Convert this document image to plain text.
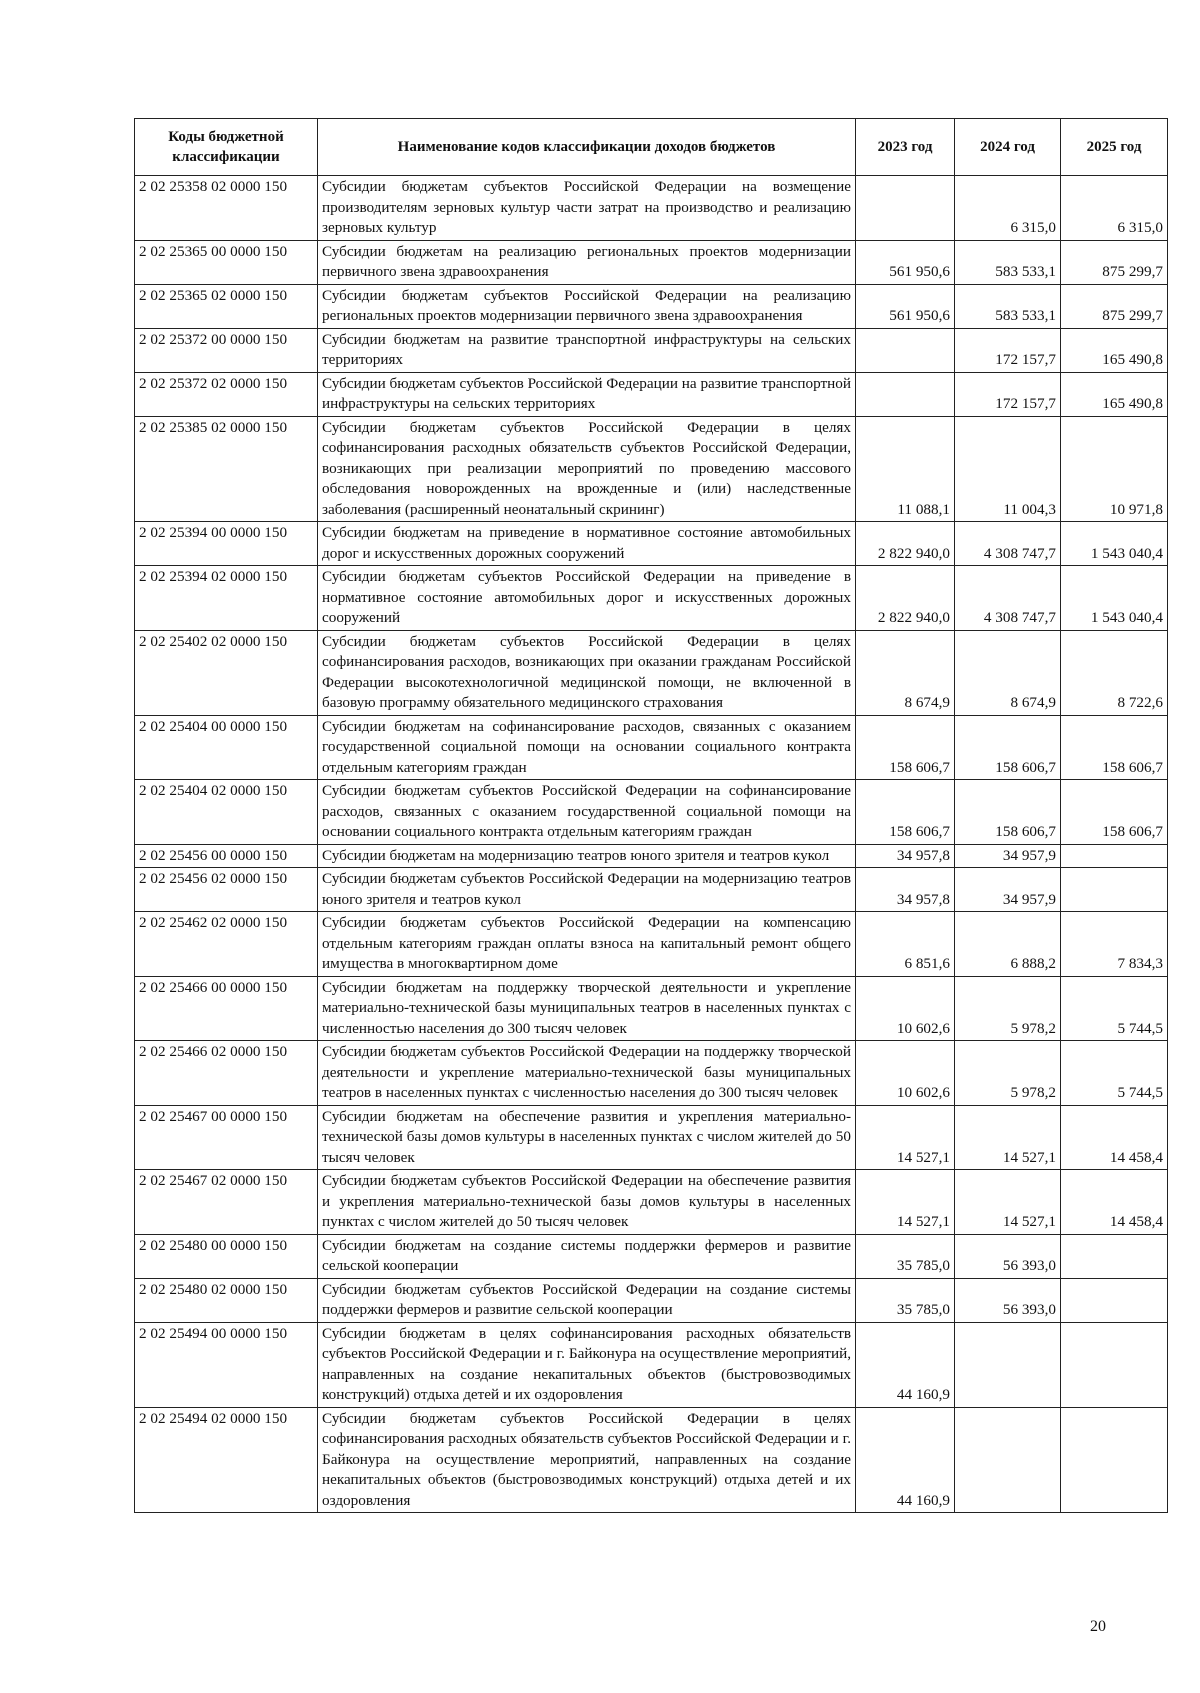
Коды бюджетной классификации	Наименование кодов классификации доходов бюджетов	2023 год	2024 год	2025 год
2 02 25358 02 0000 150	Субсидии бюджетам субъектов Российской Федерации на возмещение производителям зерновых культур части затрат на производство и реализацию зерновых культур		6 315,0	6 315,0
2 02 25365 00 0000 150	Субсидии бюджетам на реализацию региональных проектов модернизации первичного звена здравоохранения	561 950,6	583 533,1	875 299,7
2 02 25365 02 0000 150	Субсидии бюджетам субъектов Российской Федерации на реализацию региональных проектов модернизации первичного звена здравоохранения	561 950,6	583 533,1	875 299,7
2 02 25372 00 0000 150	Субсидии бюджетам на развитие транспортной инфраструктуры на сельских территориях		172 157,7	165 490,8
2 02 25372 02 0000 150	Субсидии бюджетам субъектов Российской Федерации на развитие транспортной инфраструктуры на сельских территориях		172 157,7	165 490,8
2 02 25385 02 0000 150	Субсидии бюджетам субъектов Российской Федерации в целях софинансирования расходных обязательств субъектов Российской Федерации, возникающих при реализации мероприятий по проведению массового обследования новорожденных на врожденные и (или) наследственные заболевания (расширенный неонатальный скрининг)	11 088,1	11 004,3	10 971,8
2 02 25394 00 0000 150	Субсидии бюджетам на приведение в нормативное состояние автомобильных дорог и искусственных дорожных сооружений	2 822 940,0	4 308 747,7	1 543 040,4
2 02 25394 02 0000 150	Субсидии бюджетам субъектов Российской Федерации на приведение в нормативное состояние автомобильных дорог и искусственных дорожных сооружений	2 822 940,0	4 308 747,7	1 543 040,4
2 02 25402 02 0000 150	Субсидии бюджетам субъектов Российской Федерации в целях софинансирования расходов, возникающих при оказании гражданам Российской Федерации высокотехнологичной медицинской помощи, не включенной в базовую программу обязательного медицинского страхования	8 674,9	8 674,9	8 722,6
2 02 25404 00 0000 150	Субсидии бюджетам на софинансирование расходов, связанных с оказанием государственной социальной помощи на основании социального контракта отдельным категориям граждан	158 606,7	158 606,7	158 606,7
2 02 25404 02 0000 150	Субсидии бюджетам субъектов Российской Федерации на софинансирование расходов, связанных с оказанием государственной социальной помощи на основании социального контракта отдельным категориям граждан	158 606,7	158 606,7	158 606,7
2 02 25456 00 0000 150	Субсидии бюджетам на модернизацию театров юного зрителя и театров кукол	34 957,8	34 957,9	
2 02 25456 02 0000 150	Субсидии бюджетам субъектов Российской Федерации на модернизацию театров юного зрителя и театров кукол	34 957,8	34 957,9	
2 02 25462 02 0000 150	Субсидии бюджетам субъектов Российской Федерации на компенсацию отдельным категориям граждан оплаты взноса на капитальный ремонт общего имущества в многоквартирном доме	6 851,6	6 888,2	7 834,3
2 02 25466 00 0000 150	Субсидии бюджетам на поддержку творческой деятельности и укрепление материально-технической базы муниципальных театров в населенных пунктах с численностью населения до 300 тысяч человек	10 602,6	5 978,2	5 744,5
2 02 25466 02 0000 150	Субсидии бюджетам субъектов Российской Федерации на поддержку творческой деятельности и укрепление материально-технической базы муниципальных театров в населенных пунктах с численностью населения до 300 тысяч человек	10 602,6	5 978,2	5 744,5
2 02 25467 00 0000 150	Субсидии бюджетам на обеспечение развития и укрепления материально-технической базы домов культуры в населенных пунктах с числом жителей до 50 тысяч человек	14 527,1	14 527,1	14 458,4
2 02 25467 02 0000 150	Субсидии бюджетам субъектов Российской Федерации на обеспечение развития и укрепления материально-технической базы домов культуры в населенных пунктах с числом жителей до 50 тысяч человек	14 527,1	14 527,1	14 458,4
2 02 25480 00 0000 150	Субсидии бюджетам на создание системы поддержки фермеров и развитие сельской кооперации	35 785,0	56 393,0	
2 02 25480 02 0000 150	Субсидии бюджетам субъектов Российской Федерации на создание системы поддержки фермеров и развитие сельской кооперации	35 785,0	56 393,0	
2 02 25494 00 0000 150	Субсидии бюджетам в целях софинансирования расходных обязательств субъектов Российской Федерации и г. Байконура на осуществление мероприятий, направленных на создание некапитальных объектов (быстровозводимых конструкций) отдыха детей и их оздоровления	44 160,9		
2 02 25494 02 0000 150	Субсидии бюджетам субъектов Российской Федерации в целях софинансирования расходных обязательств субъектов Российской Федерации и г. Байконура на осуществление мероприятий, направленных на создание некапитальных объектов (быстровозводимых конструкций) отдыха детей и их оздоровления	44 160,9		
20
